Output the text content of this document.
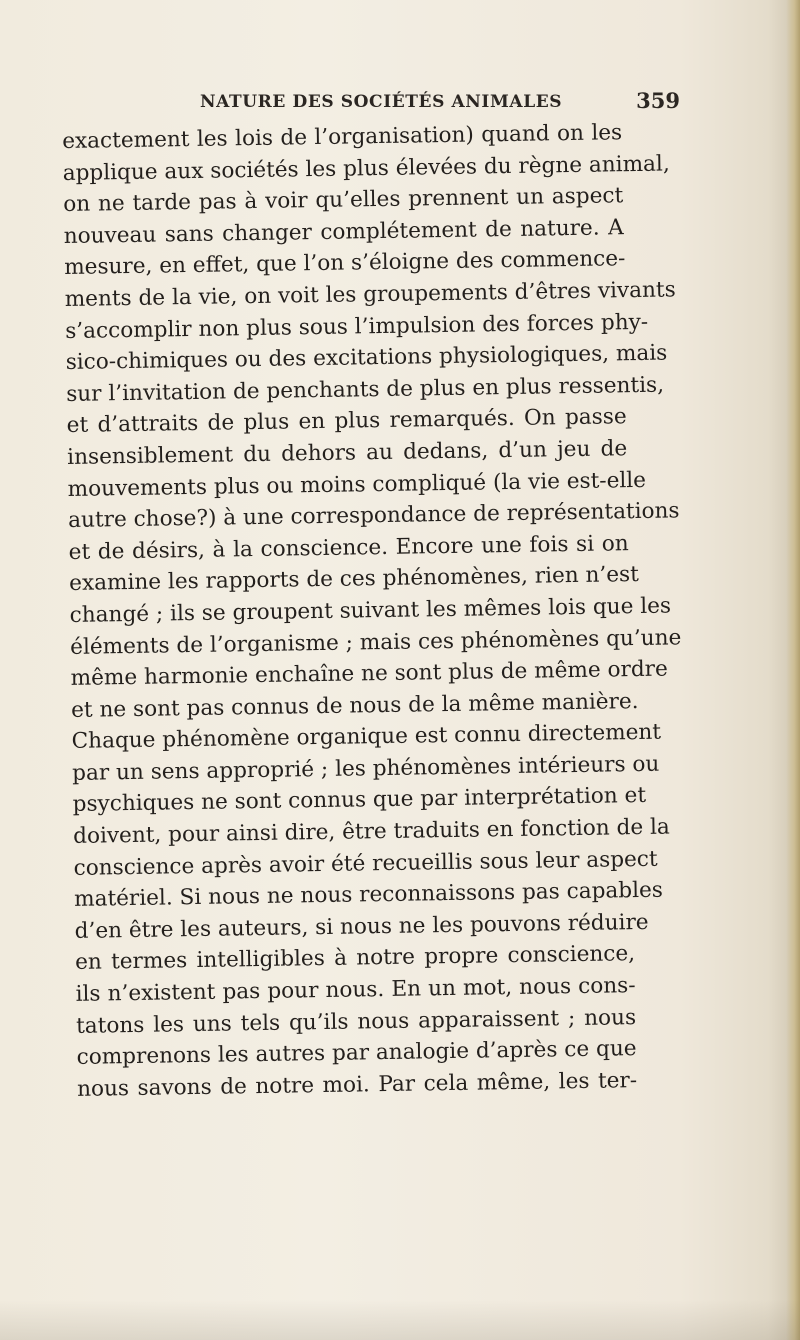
NATURE DES SOCIÉTÉS ANIMALES	359
exactement les lois de l’organisation) quand on les
applique aux sociétés les plus élevées du règne animal,
on ne tarde pas à voir qu’elles prennent un aspect
nouveau sans changer complétement de nature. A
mesure, en effet, que l’on s’éloigne des commence-
ments de la vie, on voit les groupements d’êtres vivants
s’accomplir non plus sous l’impulsion des forces phy-
sico-chimiques ou des excitations physiologiques, mais
sur l’invitation de penchants de plus en plus ressentis,
et d’attraits de plus en plus remarqués. On passe
insensiblement du dehors au dedans, d’un jeu de
mouvements plus ou moins compliqué (la vie est-elle
autre chose?) à une correspondance de représentations
et de désirs, à la conscience. Encore une fois si on
examine les rapports de ces phénomènes, rien n’est
changé ; ils se groupent suivant les mêmes lois que les
éléments de l’organisme ; mais ces phénomènes qu’une
même harmonie enchaîne ne sont plus de même ordre
et ne sont pas connus de nous de la même manière.
Chaque phénomène organique est connu directement
par un sens approprié ; les phénomènes intérieurs ou
psychiques ne sont connus que par interprétation et
doivent, pour ainsi dire, être traduits en fonction de la
conscience après avoir été recueillis sous leur aspect
matériel. Si nous ne nous reconnaissons pas capables
d’en être les auteurs, si nous ne les pouvons réduire
en termes intelligibles à notre propre conscience,
ils n’existent pas pour nous. En un mot, nous cons-
tatons les uns tels qu’ils nous apparaissent ; nous
comprenons les autres par analogie d’après ce que
nous savons de notre moi. Par cela même, les ter-
